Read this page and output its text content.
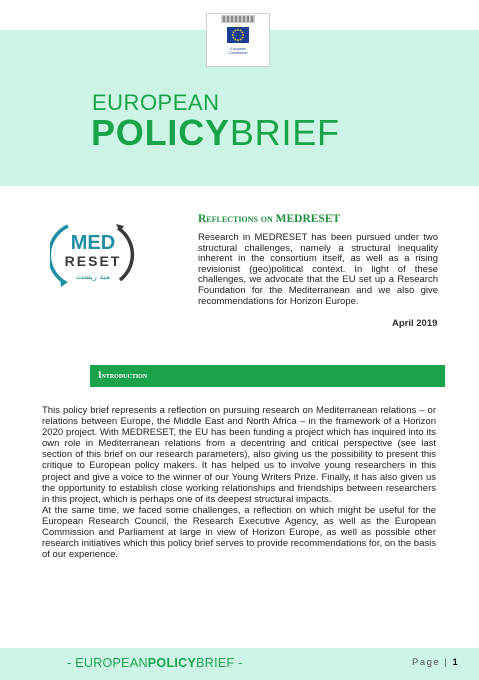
European
Commission
EUROPEAN
POLICYBRIEF
MED
RESET
ميد ريست
Reflections on MEDRESET

Research in MEDRESET has been pursued under two structural challenges, namely a structural inequality inherent in the consortium itself, as well as a rising revisionist (geo)political context. In light of these challenges, we advocate that the EU set up a Research Foundation for the Mediterranean and we also give recommendations for Horizon Europe.

April 2019
Introduction

This policy brief represents a reflection on pursuing research on Mediterranean relations – or relations between Europe, the Middle East and North Africa – in the framework of a Horizon 2020 project. With MEDRESET, the EU has been funding a project which has inquired into its own role in Mediterranean relations from a decentring and critical perspective (see last section of this brief on our research parameters), also giving us the possibility to present this critique to European policy makers. It has helped us to involve young researchers in this project and give a voice to the winner of our Young Writers Prize. Finally, it has also given us the opportunity to establish close working relationships and friendships between researchers in this project, which is perhaps one of its deepest structural impacts.

At the same time, we faced some challenges, a reflection on which might be useful for the European Research Council, the Research Executive Agency, as well as the European Commission and Parliament at large in view of Horizon Europe, as well as possible other research initiatives which this policy brief serves to provide recommendations for, on the basis of our experience.

- EUROPEANPOLICYBRIEF -	Page | 1
